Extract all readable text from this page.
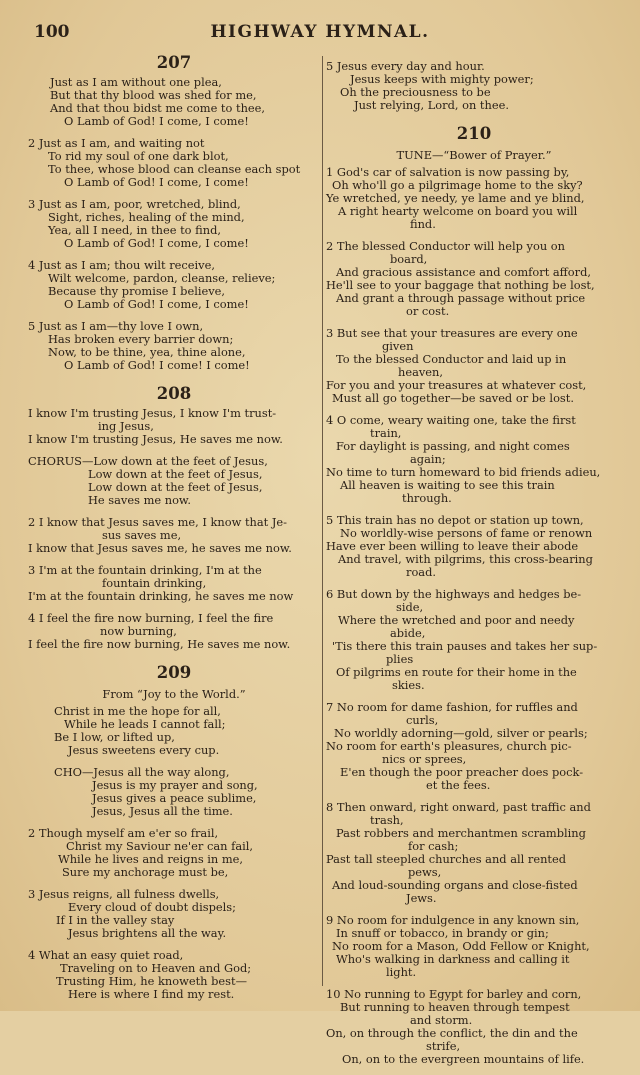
100	HIGHWAY HYMNAL.
207
Just as I am without one plea,
But that thy blood was shed for me,
And that thou bidst me come to thee,
O Lamb of God! I come, I come!
2 Just as I am, and waiting not
To rid my soul of one dark blot,
To thee, whose blood can cleanse each spot
O Lamb of God! I come, I come!
3 Just as I am, poor, wretched, blind,
Sight, riches, healing of the mind,
Yea, all I need, in thee to find,
O Lamb of God! I come, I come!
4 Just as I am; thou wilt receive,
Wilt welcome, pardon, cleanse, relieve;
Because thy promise I believe,
O Lamb of God! I come, I come!
5 Just as I am—thy love I own,
Has broken every barrier down;
Now, to be thine, yea, thine alone,
O Lamb of God! I come! I come!
208
I know I'm trusting Jesus, I know I'm trust-
ing Jesus,
I know I'm trusting Jesus, He saves me now.
CHORUS—Low down at the feet of Jesus,
Low down at the feet of Jesus,
Low down at the feet of Jesus,
He saves me now.
2 I know that Jesus saves me, I know that Je-
sus saves me,
I know that Jesus saves me, he saves me now.
3 I'm at the fountain drinking, I'm at the
fountain drinking,
I'm at the fountain drinking, he saves me now
4 I feel the fire now burning, I feel the fire
now burning,
I feel the fire now burning, He saves me now.
209
From “Joy to the World.”
Christ in me the hope for all,
While he leads I cannot fall;
Be I low, or lifted up,
Jesus sweetens every cup.
CHO—Jesus all the way along,
Jesus is my prayer and song,
Jesus gives a peace sublime,
Jesus, Jesus all the time.
2 Though myself am e'er so frail,
Christ my Saviour ne'er can fail,
While he lives and reigns in me,
Sure my anchorage must be,
3 Jesus reigns, all fulness dwells,
Every cloud of doubt dispels;
If I in the valley stay
Jesus brightens all the way.
4 What an easy quiet road,
Traveling on to Heaven and God;
Trusting Him, he knoweth best—
Here is where I find my rest.
5 Jesus every day and hour.
Jesus keeps with mighty power;
Oh the preciousness to be
Just relying, Lord, on thee.
210
TUNE—“Bower of Prayer.”
1 God's car of salvation is now passing by,
Oh who'll go a pilgrimage home to the sky?
Ye wretched, ye needy, ye lame and ye blind,
A right hearty welcome on board you will
find.
2 The blessed Conductor will help you on
board,
And gracious assistance and comfort afford,
He'll see to your baggage that nothing be lost,
And grant a through passage without price
or cost.
3 But see that your treasures are every one
given
To the blessed Conductor and laid up in
heaven,
For you and your treasures at whatever cost,
Must all go together—be saved or be lost.
4 O come, weary waiting one, take the first
train,
For daylight is passing, and night comes
again;
No time to turn homeward to bid friends adieu,
All heaven is waiting to see this train
through.
5 This train has no depot or station up town,
No worldly-wise persons of fame or renown
Have ever been willing to leave their abode
And travel, with pilgrims, this cross-bearing
road.
6 But down by the highways and hedges be-
side,
Where the wretched and poor and needy
abide,
'Tis there this train pauses and takes her sup-
plies
Of pilgrims en route for their home in the
skies.
7 No room for dame fashion, for ruffles and
curls,
No worldly adorning—gold, silver or pearls;
No room for earth's pleasures, church pic-
nics or sprees,
E'en though the poor preacher does pock-
et the fees.
8 Then onward, right onward, past traffic and
trash,
Past robbers and merchantmen scrambling
for cash;
Past tall steepled churches and all rented
pews,
And loud-sounding organs and close-fisted
Jews.
9 No room for indulgence in any known sin,
In snuff or tobacco, in brandy or gin;
No room for a Mason, Odd Fellow or Knight,
Who's walking in darkness and calling it
light.
10 No running to Egypt for barley and corn,
But running to heaven through tempest
and storm.
On, on through the conflict, the din and the
strife,
On, on to the evergreen mountains of life.
